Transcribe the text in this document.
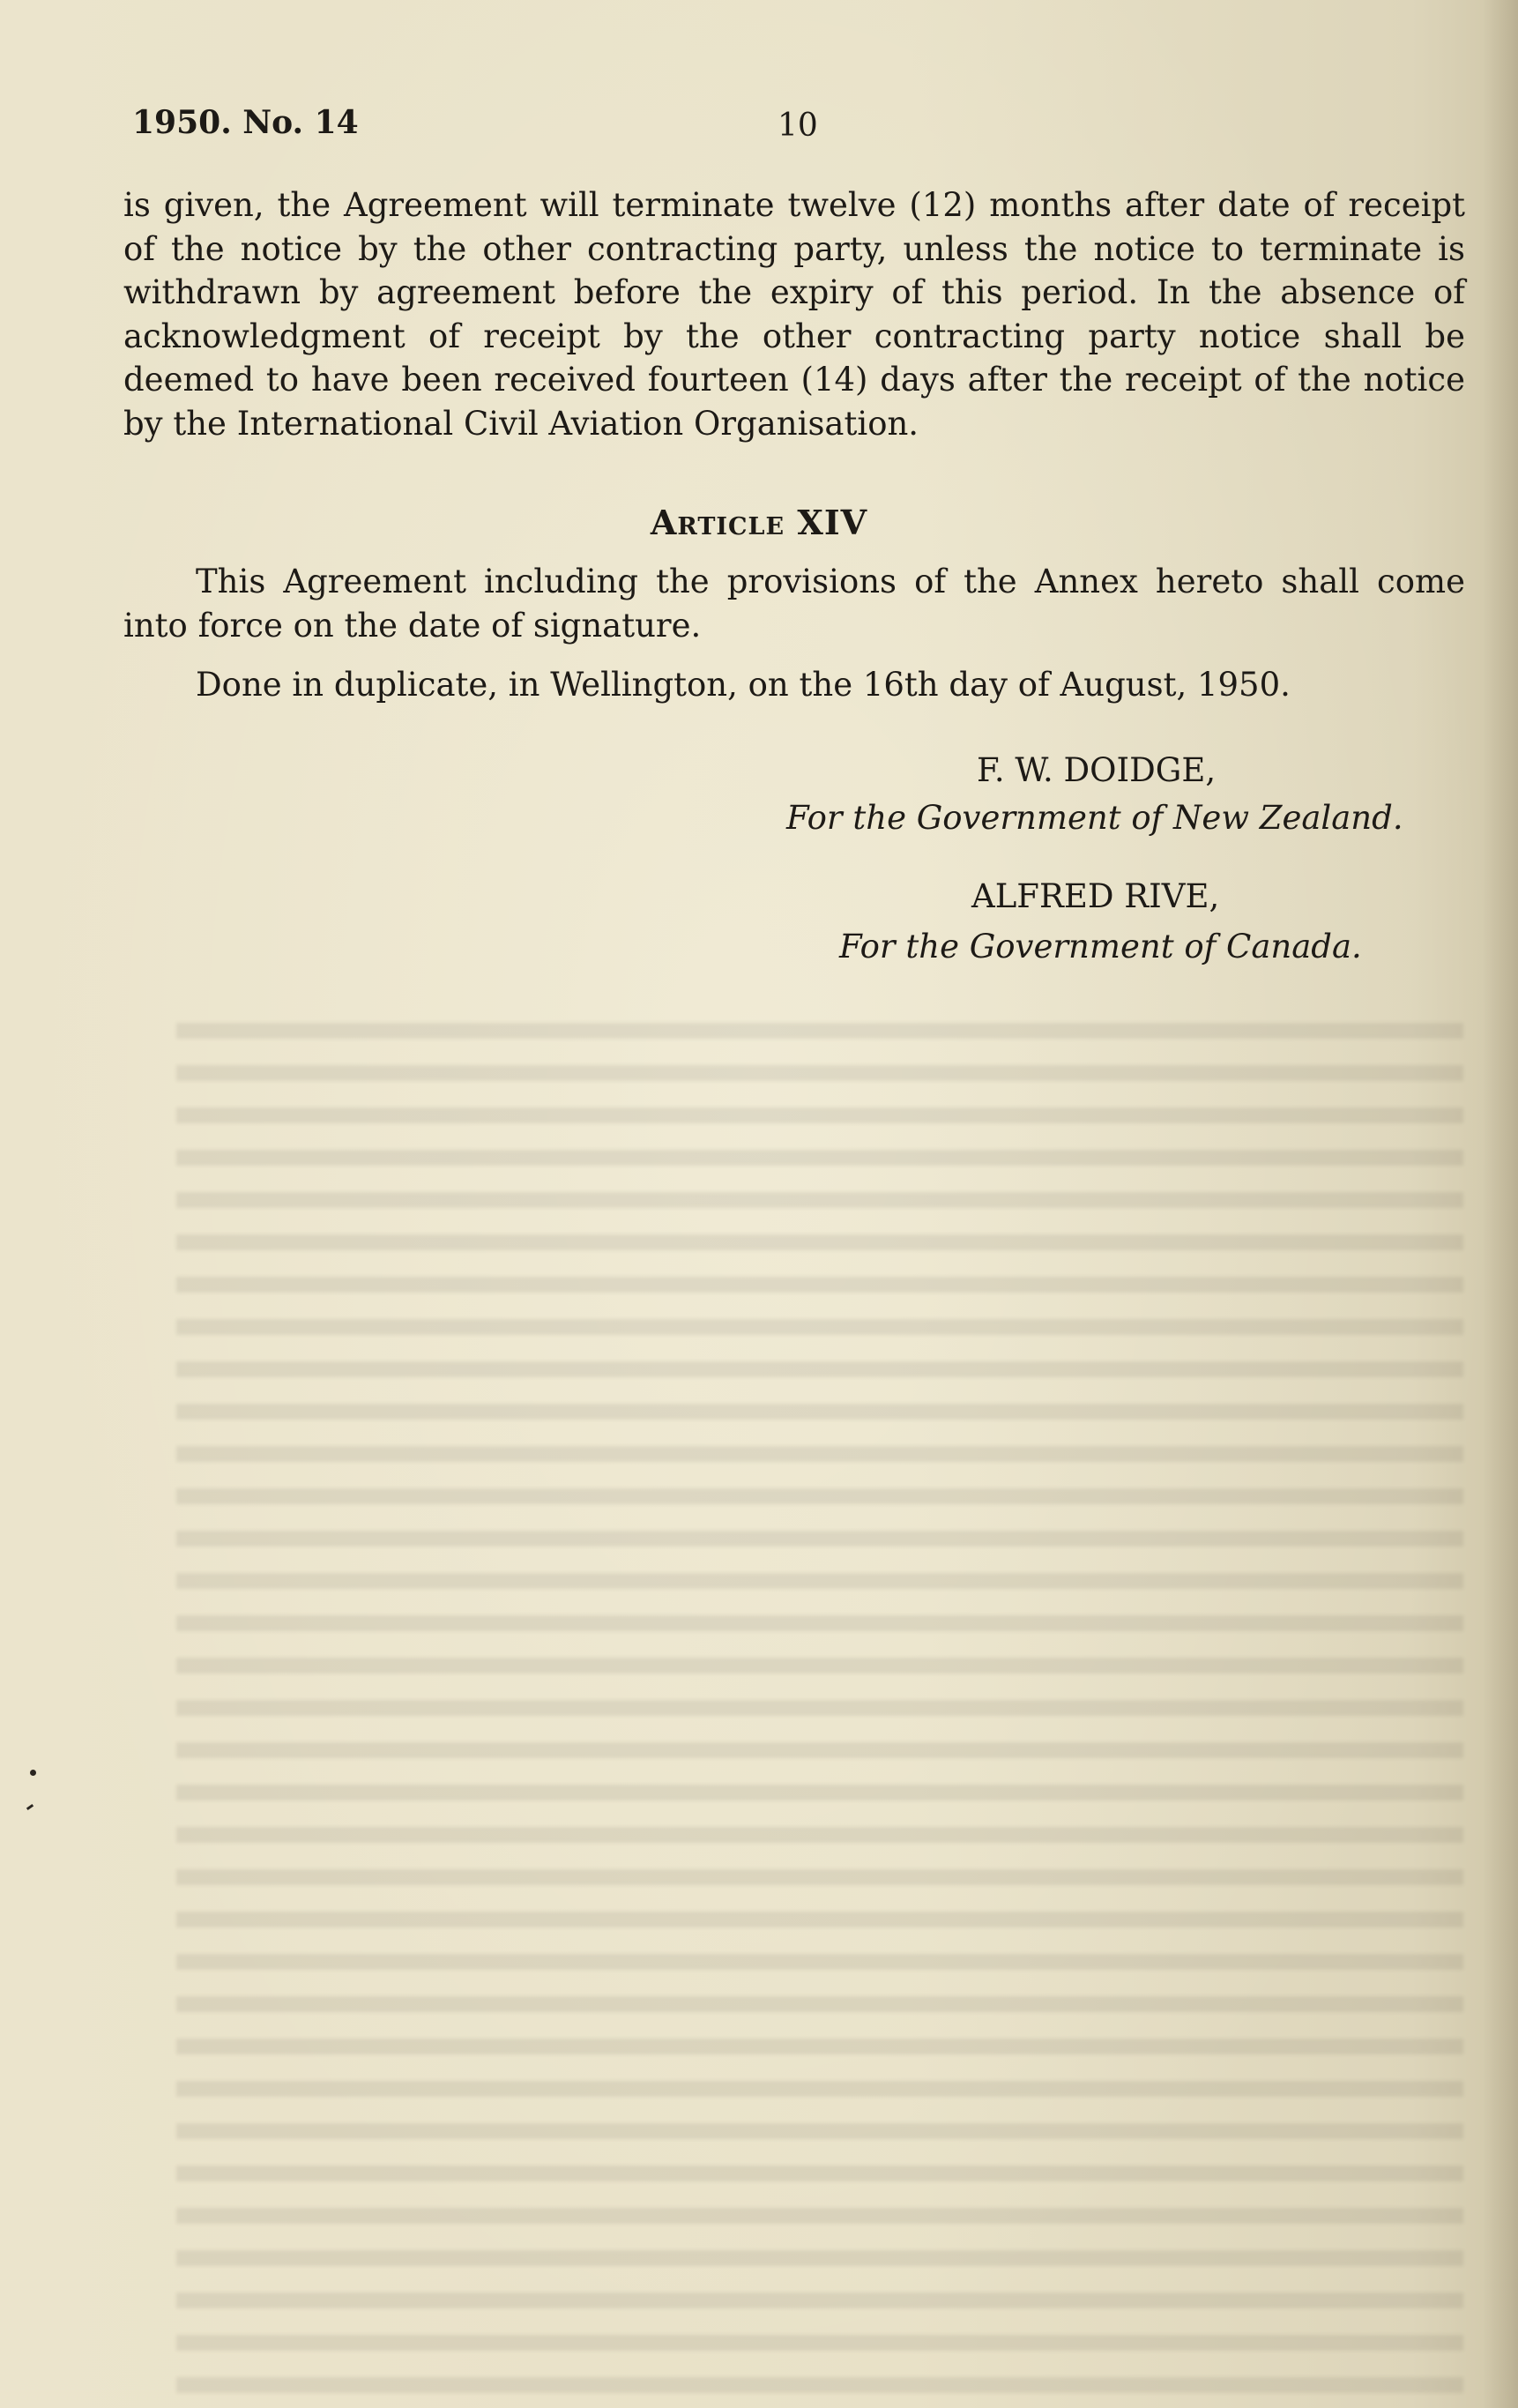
1950. No. 14	10

is given, the Agreement will terminate twelve (12) months after date of receipt of the notice by the other contracting party, unless the notice to terminate is withdrawn by agreement before the expiry of this period. In the absence of acknowledgment of receipt by the other contracting party notice shall be deemed to have been received fourteen (14) days after the receipt of the notice by the International Civil Aviation Organisation.

Article XIV

This Agreement including the provisions of the Annex hereto shall come into force on the date of signature.

Done in duplicate, in Wellington, on the 16th day of August, 1950.

F. W. DOIDGE,
For the Government of New Zealand.
ALFRED RIVE,
For the Government of Canada.
